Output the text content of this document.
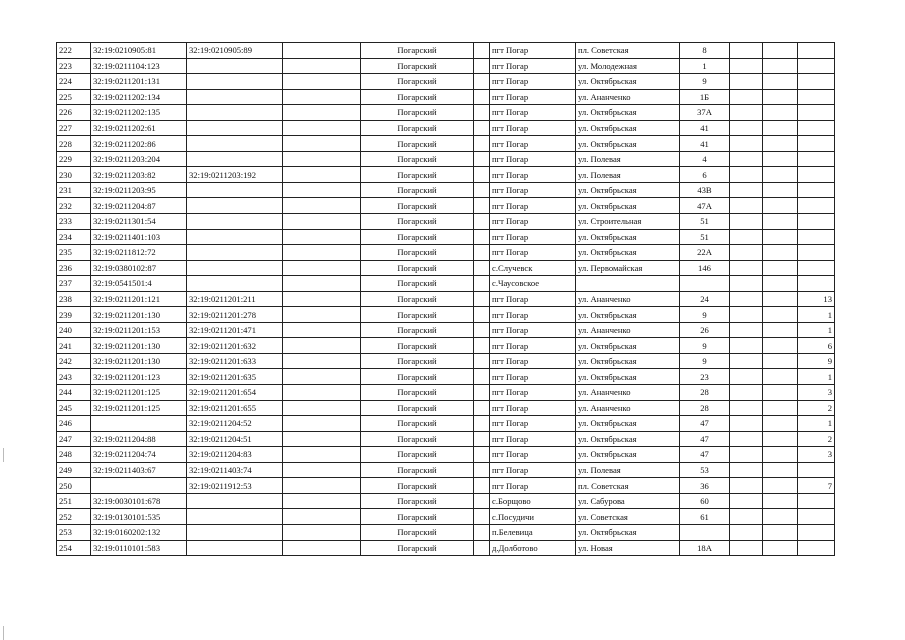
222	32:19:0210905:81	32:19:0210905:89		Погарский		пгт Погар	пл. Советская	8			
223	32:19:0211104:123			Погарский		пгт Погар	ул. Молодежная	1			
224	32:19:0211201:131			Погарский		пгт Погар	ул. Октябрьская	9			
225	32:19:0211202:134			Погарский		пгт Погар	ул. Ананченко	1Б			
226	32:19:0211202:135			Погарский		пгт Погар	ул. Октябрьская	37А			
227	32:19:0211202:61			Погарский		пгт Погар	ул. Октябрьская	41			
228	32:19:0211202:86			Погарский		пгт Погар	ул. Октябрьская	41			
229	32:19:0211203:204			Погарский		пгт Погар	ул. Полевая	4			
230	32:19:0211203:82	32:19:0211203:192		Погарский		пгт Погар	ул. Полевая	6			
231	32:19:0211203:95			Погарский		пгт Погар	ул. Октябрьская	43В			
232	32:19:0211204:87			Погарский		пгт Погар	ул. Октябрьская	47А			
233	32:19:0211301:54			Погарский		пгт Погар	ул. Строительная	51			
234	32:19:0211401:103			Погарский		пгт Погар	ул. Октябрьская	51			
235	32:19:0211812:72			Погарский		пгт Погар	ул. Октябрьская	22А			
236	32:19:0380102:87			Погарский		с.Случевск	ул. Первомайская	146			
237	32:19:0541501:4			Погарский		с.Чаусовское					
238	32:19:0211201:121	32:19:0211201:211		Погарский		пгт Погар	ул. Ананченко	24			13
239	32:19:0211201:130	32:19:0211201:278		Погарский		пгт Погар	ул. Октябрьская	9			1
240	32:19:0211201:153	32:19:0211201:471		Погарский		пгт Погар	ул. Ананченко	26			1
241	32:19:0211201:130	32:19:0211201:632		Погарский		пгт Погар	ул. Октябрьская	9			6
242	32:19:0211201:130	32:19:0211201:633		Погарский		пгт Погар	ул. Октябрьская	9			9
243	32:19:0211201:123	32:19:0211201:635		Погарский		пгт Погар	ул. Октябрьская	23			1
244	32:19:0211201:125	32:19:0211201:654		Погарский		пгт Погар	ул. Ананченко	28			3
245	32:19:0211201:125	32:19:0211201:655		Погарский		пгт Погар	ул. Ананченко	28			2
246		32:19:0211204:52		Погарский		пгт Погар	ул. Октябрьская	47			1
247	32:19:0211204:88	32:19:0211204:51		Погарский		пгт Погар	ул. Октябрьская	47			2
248	32:19:0211204:74	32:19:0211204:83		Погарский		пгт Погар	ул. Октябрьская	47			3
249	32:19:0211403:67	32:19:0211403:74		Погарский		пгт Погар	ул. Полевая	53			
250		32:19:0211912:53		Погарский		пгт Погар	пл. Советская	36			7
251	32:19:0030101:678			Погарский		с.Борщово	ул. Сабурова	60			
252	32:19:0130101:535			Погарский		с.Посудичи	ул. Советская	61			
253	32:19:0160202:132			Погарский		п.Белевица	ул. Октябрьская				
254	32:19:0110101:583			Погарский		д.Долботово	ул. Новая	18А			
